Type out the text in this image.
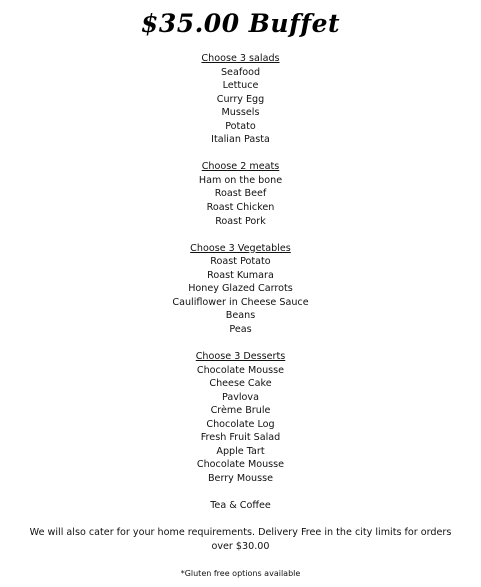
$35.00 Buffet
Choose 3 salads
Seafood
Lettuce
Curry Egg
Mussels
Potato
Italian Pasta
Choose 2 meats
Ham on the bone
Roast Beef
Roast Chicken
Roast Pork
Choose 3 Vegetables
Roast Potato
Roast Kumara
Honey Glazed Carrots
Cauliflower in Cheese Sauce
Beans
Peas
Choose 3 Desserts
Chocolate Mousse
Cheese Cake
Pavlova
Crème Brule
Chocolate Log
Fresh Fruit Salad
Apple Tart
Chocolate Mousse
Berry Mousse
Tea & Coffee
We will also cater for your home requirements. Delivery Free in the city limits for orders over $30.00
*Gluten free options available
